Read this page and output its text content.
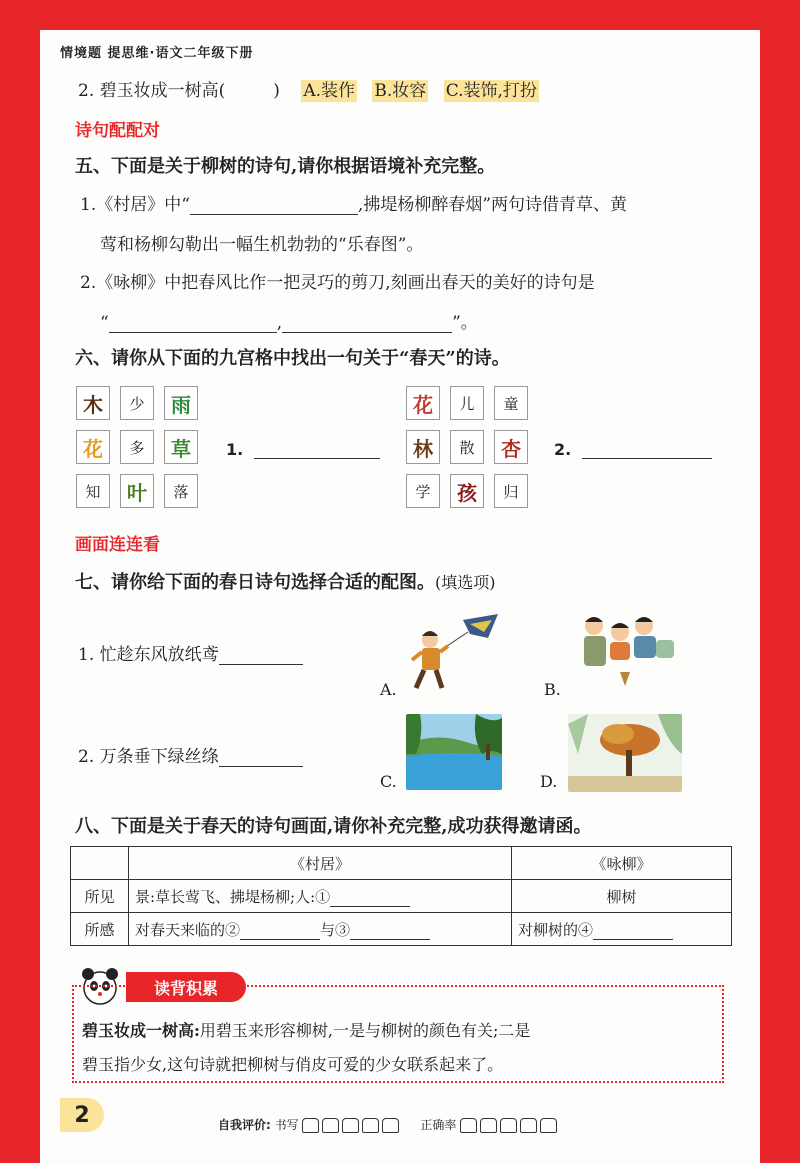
情境题 提思维·语文二年级下册
2. 碧玉妆成一树高(	) A.装作 B.妆容 C.装饰,打扮
诗句配配对
五、下面是关于柳树的诗句,请你根据语境补充完整。
1.《村居》中“	,拂堤杨柳醉春烟”两句诗借青草、黄
莺和杨柳勾勒出一幅生机勃勃的“乐春图”。
2.《咏柳》中把春风比作一把灵巧的剪刀,刻画出春天的美好的诗句是
“	,	”。
六、请你从下面的九宫格中找出一句关于“春天”的诗。
木	少	雨
花	多	草
知	叶	落
1.
花	儿	童
林	散	杏
学	孩	归
2.
画面连连看
七、请你给下面的春日诗句选择合适的配图。(填选项)
1. 忙趁东风放纸鸢
2. 万条垂下绿丝绦
A.	B.
C.	D.
八、下面是关于春天的诗句画面,请你补充完整,成功获得邀请函。
	《村居》	《咏柳》
所见	景:草长莺飞、拂堤杨柳;人:①	柳树
所感	对春天来临的② 与③	对柳树的④
读背积累
碧玉妆成一树高:用碧玉来形容柳树,一是与柳树的颜色有关;二是
碧玉指少女,这句诗就把柳树与俏皮可爱的少女联系起来了。
2	自我评价: 书写	正确率
